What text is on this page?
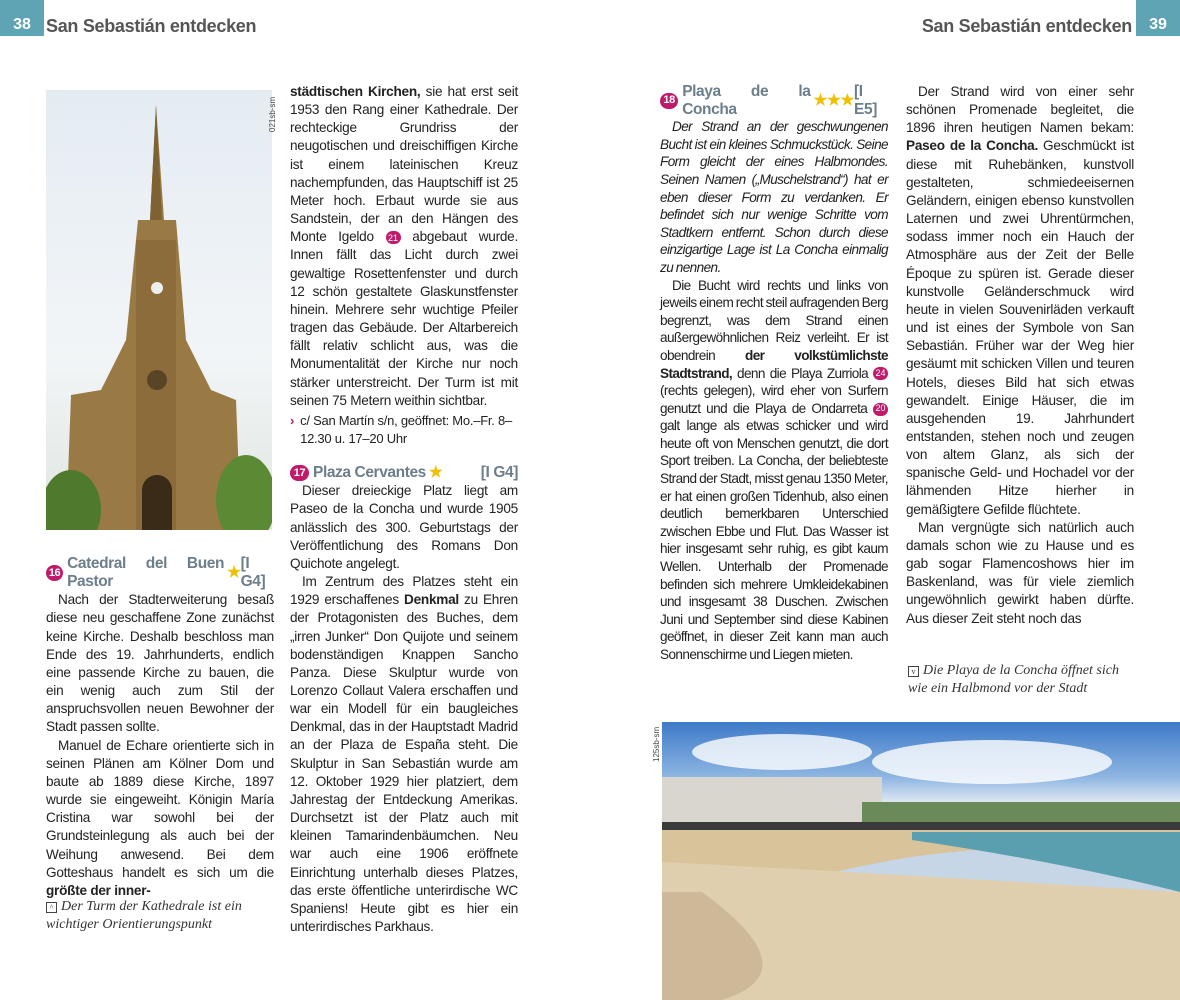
38 San Sebastián entdecken	39
San Sebastián entdecken
021sb-sm
16
Catedral del Buen Pastor
★
[I G4]

Nach der Stadterweiterung besaß diese neu geschaffene Zone zunächst keine Kirche. Deshalb beschloss man Ende des 19. Jahrhunderts, endlich eine passende Kirche zu bauen, die ein wenig auch zum Stil der anspruchsvollen neuen Bewohner der Stadt passen sollte.

Manuel de Echare orientierte sich in seinen Plänen am Kölner Dom und baute ab 1889 diese Kirche, 1897 wurde sie eingeweiht. Königin María Cristina war sowohl bei der Grundsteinlegung als auch bei der Weihung anwesend. Bei dem Gotteshaus handelt es sich um die größte der inner-

^ Der Turm der Kathedrale ist ein wichtiger Orientierungspunkt

städtischen Kirchen, sie hat erst seit 1953 den Rang einer Kathedrale. Der rechteckige Grundriss der neugotischen und dreischiffigen Kirche ist einem lateinischen Kreuz nachempfunden, das Hauptschiff ist 25 Meter hoch. Erbaut wurde sie aus Sandstein, der an den Hängen des Monte Igeldo 21 abgebaut wurde. Innen fällt das Licht durch zwei gewaltige Rosettenfenster und durch 12 schön gestaltete Glaskunstfenster hinein. Mehrere sehr wuchtige Pfeiler tragen das Gebäude. Der Altarbereich fällt relativ schlicht aus, was die Monumentalität der Kirche nur noch stärker unterstreicht. Der Turm ist mit seinen 75 Metern weithin sichtbar.

› c/ San Martín s/n, geöffnet: Mo.–Fr. 8–12.30 u. 17–20 Uhr
17 Plaza Cervantes ★ [I G4]

Dieser dreieckige Platz liegt am Paseo de la Concha und wurde 1905 anlässlich des 300. Geburtstags der Veröffentlichung des Romans Don Quichote angelegt.

Im Zentrum des Platzes steht ein 1929 erschaffenes Denkmal zu Ehren der Protagonisten des Buches, dem „irren Junker“ Don Quijote und seinem bodenständigen Knappen Sancho Panza. Diese Skulptur wurde von Lorenzo Collaut Valera erschaffen und war ein Modell für ein baugleiches Denkmal, das in der Hauptstadt Madrid an der Plaza de España steht. Die Skulptur in San Sebastián wurde am 12. Oktober 1929 hier platziert, dem Jahrestag der Entdeckung Amerikas. Durchsetzt ist der Platz auch mit kleinen Tamarindenbäumchen. Neu war auch eine 1906 eröffnete Einrichtung unterhalb dieses Platzes, das erste öffentliche unterirdische WC Spaniens! Heute gibt es hier ein unterirdisches Parkhaus.

18 Playa de la Concha
★★★
[I E5]

Der Strand an der geschwungenen Bucht ist ein kleines Schmuckstück. Seine Form gleicht der eines Halbmondes. Seinen Namen („Muschelstrand“) hat er eben dieser Form zu verdanken. Er befindet sich nur wenige Schritte vom Stadtkern entfernt. Schon durch diese einzigartige Lage ist La Concha einmalig zu nennen.

Die Bucht wird rechts und links von jeweils einem recht steil aufragenden Berg begrenzt, was dem Strand einen außergewöhnlichen Reiz verleiht. Er ist obendrein der volkstümlichste Stadtstrand, denn die Playa Zurriola 24 (rechts gelegen), wird eher von Surfern genutzt und die Playa de Ondarreta 20 galt lange als etwas schicker und wird heute oft von Menschen genutzt, die dort Sport treiben. La Concha, der beliebteste Strand der Stadt, misst genau 1350 Meter, er hat einen großen Tidenhub, also einen deutlich bemerkbaren Unterschied zwischen Ebbe und Flut. Das Wasser ist hier insgesamt sehr ruhig, es gibt kaum Wellen. Unterhalb der Promenade befinden sich mehrere Umkleidekabinen und insgesamt 38 Duschen. Zwischen Juni und September sind diese Kabinen geöffnet, in dieser Zeit kann man auch Sonnenschirme und Liegen mieten.

Der Strand wird von einer sehr schönen Promenade begleitet, die 1896 ihren heutigen Namen bekam: Paseo de la Concha. Geschmückt ist diese mit Ruhebänken, kunstvoll gestalteten, schmiedeeisernen Geländern, einigen ebenso kunstvollen Laternen und zwei Uhrentürmchen, sodass immer noch ein Hauch der Atmosphäre aus der Zeit der Belle Époque zu spüren ist. Gerade dieser kunstvolle Geländerschmuck wird heute in vielen Souvenirläden verkauft und ist eines der Symbole von San Sebastián. Früher war der Weg hier gesäumt mit schicken Villen und teuren Hotels, dieses Bild hat sich etwas gewandelt. Einige Häuser, die im ausgehenden 19. Jahrhundert entstanden, stehen noch und zeugen von altem Glanz, als sich der spanische Geld- und Hochadel vor der lähmenden Hitze hierher in gemäßigtere Gefilde flüchtete.

Man vergnügte sich natürlich auch damals schon wie zu Hause und es gab sogar Flamencoshows hier im Baskenland, was für viele ziemlich ungewöhnlich gewirkt haben dürfte. Aus dieser Zeit steht noch das

v Die Playa de la Concha öffnet sich wie ein Halbmond vor der Stadt
125sb-sm
